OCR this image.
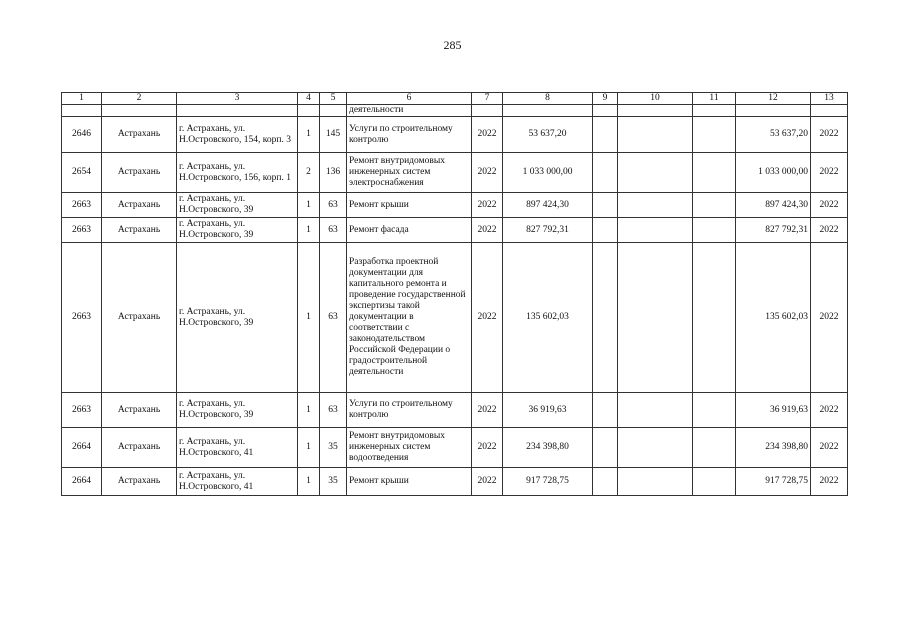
285
1	2	3	4	5	6	7	8	9	10	11	12	13
					деятельности							
2646	Астрахань	г. Астрахань, ул. Н.Островского, 154, корп. 3	1	145	Услуги по строительному контролю	2022	53 637,20				53 637,20	2022
2654	Астрахань	г. Астрахань, ул. Н.Островского, 156, корп. 1	2	136	Ремонт внутридомовых инженерных систем электроснабжения	2022	1 033 000,00				1 033 000,00	2022
2663	Астрахань	г. Астрахань, ул. Н.Островского, 39	1	63	Ремонт крыши	2022	897 424,30				897 424,30	2022
2663	Астрахань	г. Астрахань, ул. Н.Островского, 39	1	63	Ремонт фасада	2022	827 792,31				827 792,31	2022
2663	Астрахань	г. Астрахань, ул. Н.Островского, 39	1	63	Разработка проектной документации для капитального ремонта и проведение государственной экспертизы такой документации в соответствии с законодательством Российской Федерации о градостроительной деятельности	2022	135 602,03				135 602,03	2022
2663	Астрахань	г. Астрахань, ул. Н.Островского, 39	1	63	Услуги по строительному контролю	2022	36 919,63				36 919,63	2022
2664	Астрахань	г. Астрахань, ул. Н.Островского, 41	1	35	Ремонт внутридомовых инженерных систем водоотведения	2022	234 398,80				234 398,80	2022
2664	Астрахань	г. Астрахань, ул. Н.Островского, 41	1	35	Ремонт крыши	2022	917 728,75				917 728,75	2022
